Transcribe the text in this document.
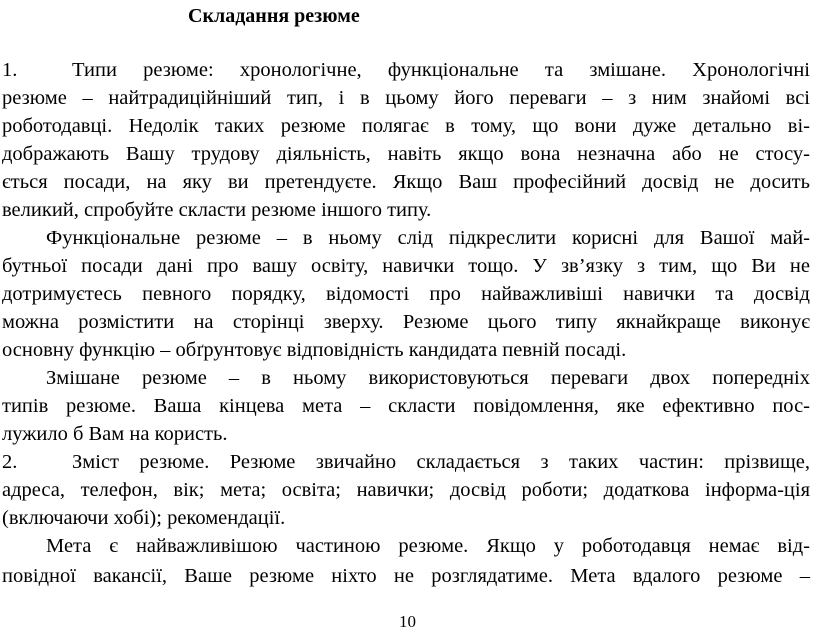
Складання резюме
1.	Типи резюме: хронологічне, функціональне та змішане. Хронологічні
резюме – найтрадиційніший тип, і в цьому його переваги – з ним знайомі всі
роботодавці. Недолік таких резюме полягає в тому, що вони дуже детально ві-
дображають Вашу трудову діяльність, навіть якщо вона незначна або не стосу-
ється посади, на яку ви претендуєте. Якщо Ваш професійний досвід не досить
великий, спробуйте скласти резюме іншого типу.
Функціональне резюме – в ньому слід підкреслити корисні для Вашої май-
бутньої посади дані про вашу освіту, навички тощо. У зв’язку з тим, що Ви не
дотримуєтесь певного порядку, відомості про найважливіші навички та досвід
можна розмістити на сторінці зверху. Резюме цього типу якнайкраще виконує
основну функцію – обґрунтовує відповідність кандидата певній посаді.
Змішане резюме – в ньому використовуються переваги двох попередніх
типів резюме. Ваша кінцева мета – скласти повідомлення, яке ефективно пос-
лужило б Вам на користь.
2.	Зміст резюме. Резюме звичайно складається з таких частин: прізвище,
адреса, телефон, вік; мета; освіта; навички; досвід роботи; додаткова інформа-ція
(включаючи хобі); рекомендації.
Мета є найважливішою частиною резюме. Якщо у роботодавця немає від-
повідної вакансії, Ваше резюме ніхто не розглядатиме. Мета вдалого резюме –
10
